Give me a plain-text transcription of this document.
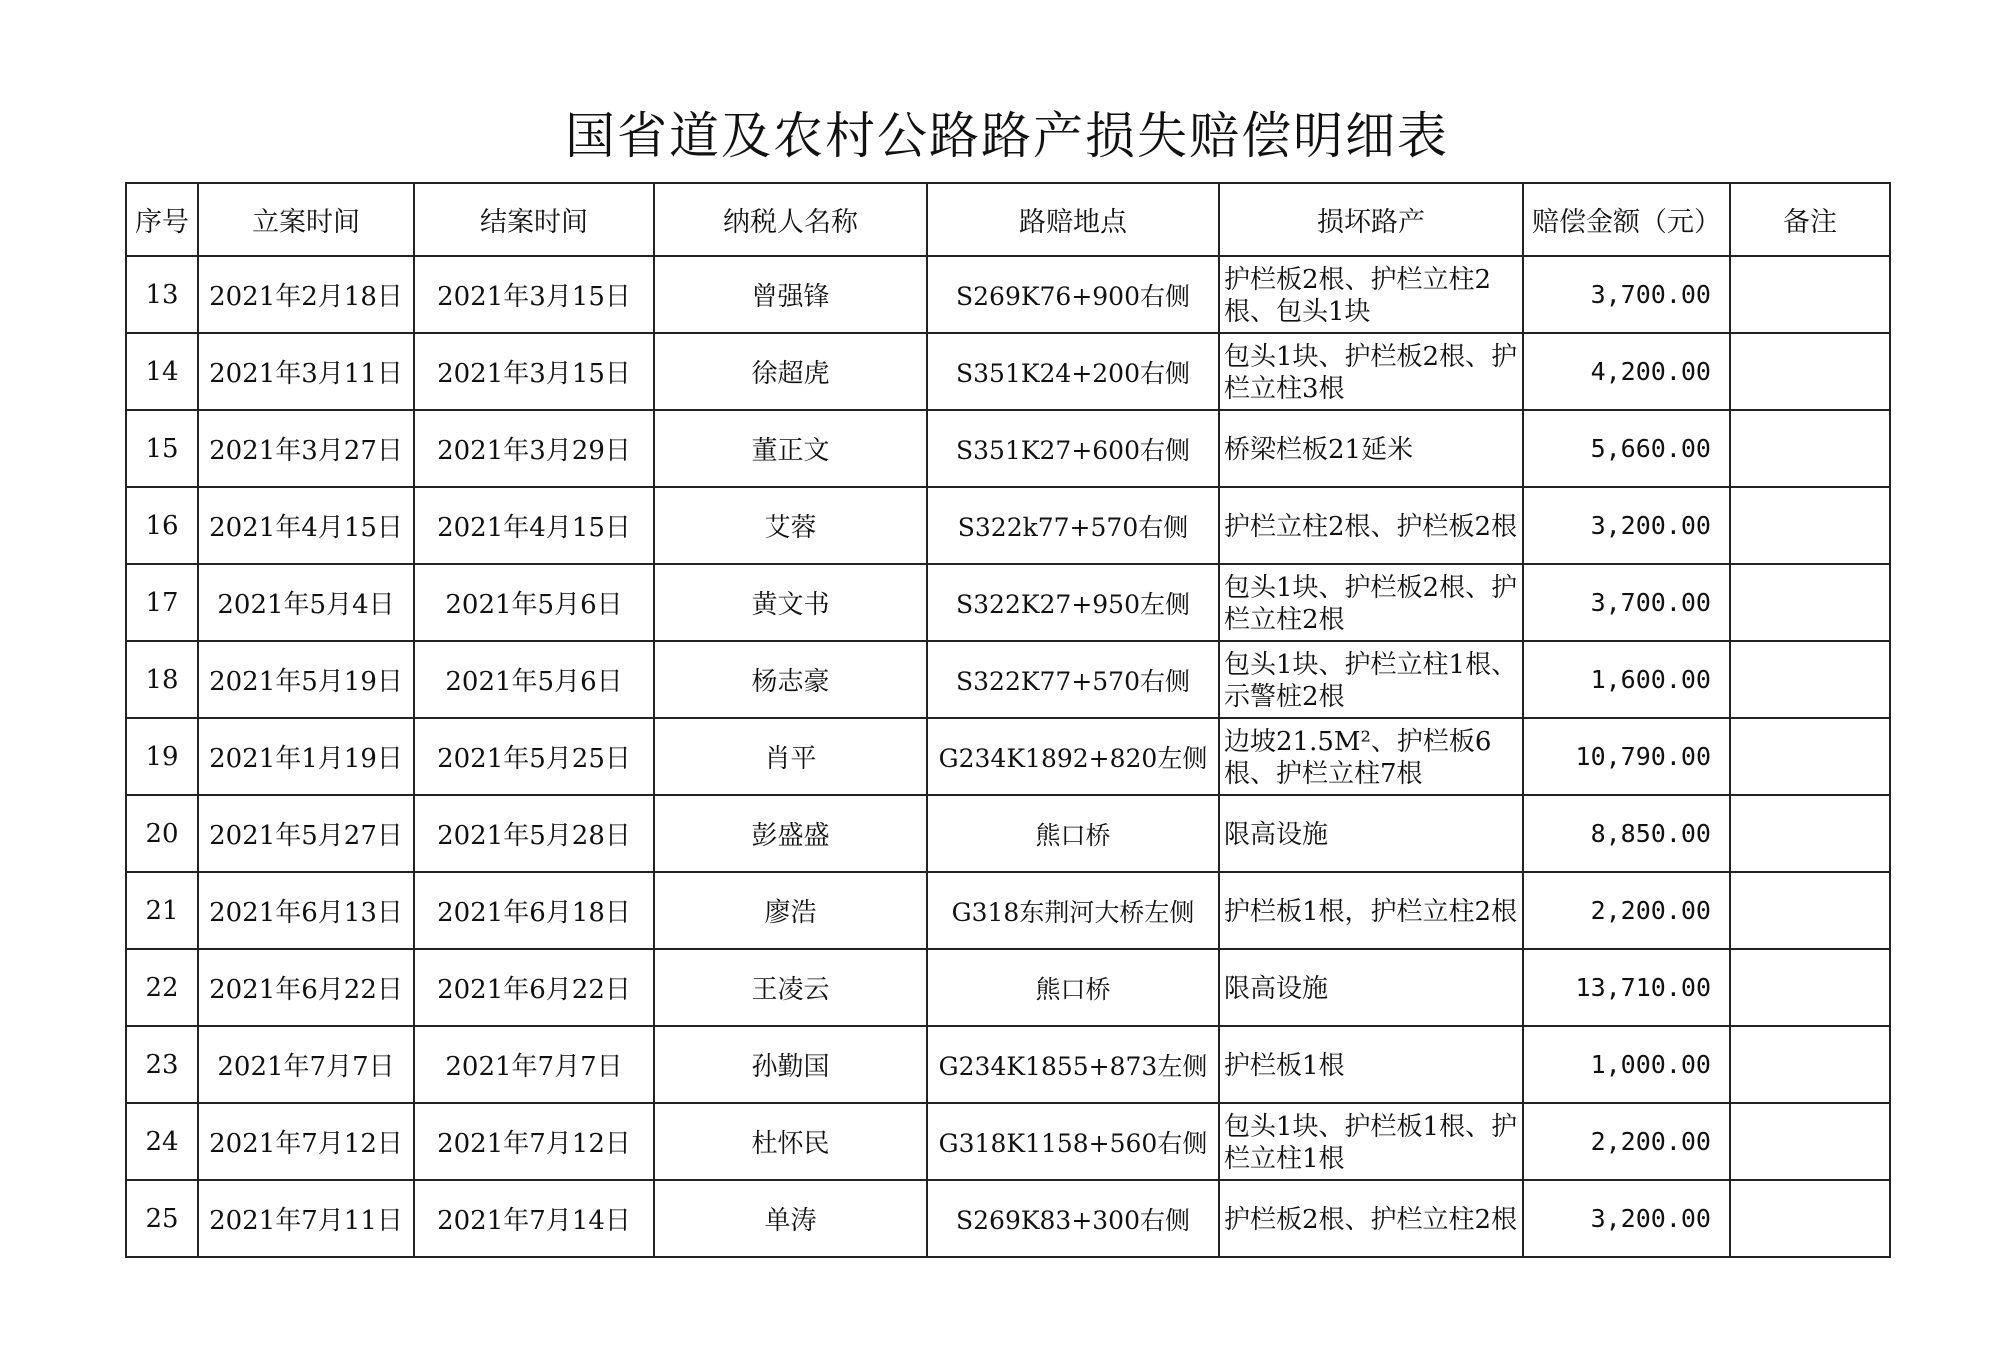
国省道及农村公路路产损失赔偿明细表
序号	立案时间	结案时间	纳税人名称	路赔地点	损坏路产	赔偿金额（元）	备注
13	2021年2月18日	2021年3月15日	曾强锋	S269K76+900右侧	护栏板2根、护栏立柱2根、包头1块	3,700.00	
14	2021年3月11日	2021年3月15日	徐超虎	S351K24+200右侧	包头1块、护栏板2根、护栏立柱3根	4,200.00	
15	2021年3月27日	2021年3月29日	董正文	S351K27+600右侧	桥梁栏板21延米	5,660.00	
16	2021年4月15日	2021年4月15日	艾蓉	S322k77+570右侧	护栏立柱2根、护栏板2根	3,200.00	
17	2021年5月4日	2021年5月6日	黄文书	S322K27+950左侧	包头1块、护栏板2根、护栏立柱2根	3,700.00	
18	2021年5月19日	2021年5月6日	杨志豪	S322K77+570右侧	包头1块、护栏立柱1根、示警桩2根	1,600.00	
19	2021年1月19日	2021年5月25日	肖平	G234K1892+820左侧	边坡21.5M²、护栏板6根、护栏立柱7根	10,790.00	
20	2021年5月27日	2021年5月28日	彭盛盛	熊口桥	限高设施	8,850.00	
21	2021年6月13日	2021年6月18日	廖浩	G318东荆河大桥左侧	护栏板1根，护栏立柱2根	2,200.00	
22	2021年6月22日	2021年6月22日	王凌云	熊口桥	限高设施	13,710.00	
23	2021年7月7日	2021年7月7日	孙勤国	G234K1855+873左侧	护栏板1根	1,000.00	
24	2021年7月12日	2021年7月12日	杜怀民	G318K1158+560右侧	包头1块、护栏板1根、护栏立柱1根	2,200.00	
25	2021年7月11日	2021年7月14日	单涛	S269K83+300右侧	护栏板2根、护栏立柱2根	3,200.00	
